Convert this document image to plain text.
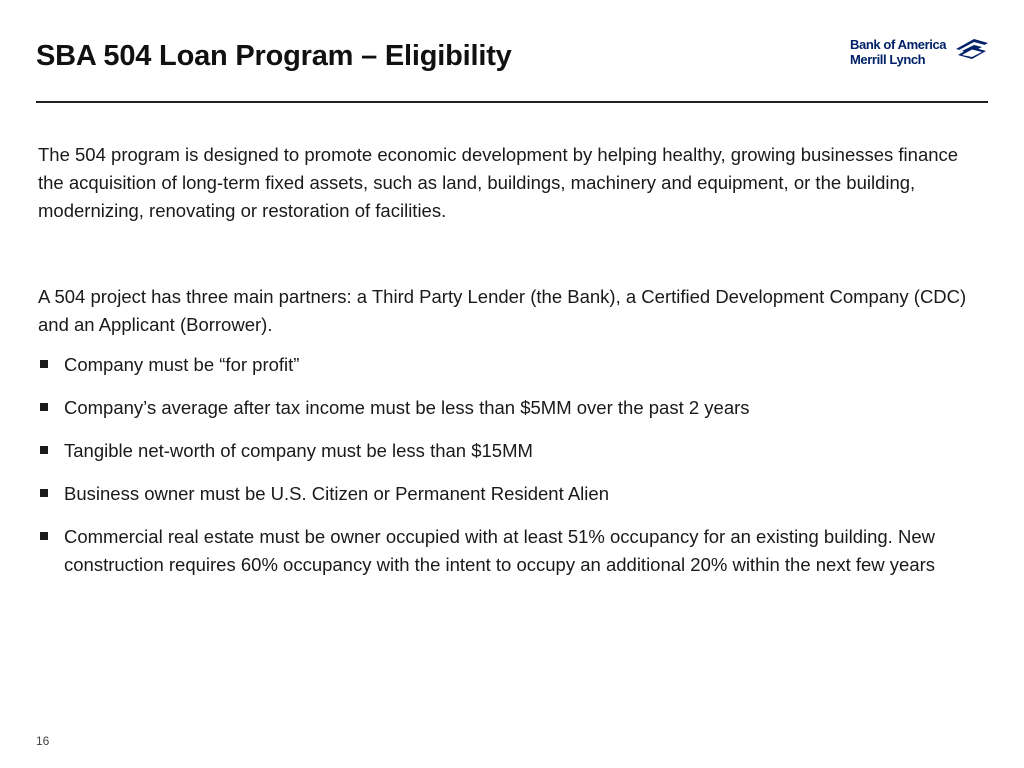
SBA 504 Loan Program – Eligibility	Bank of America
Merrill Lynch

The 504 program is designed to promote economic development by helping healthy, growing businesses finance the acquisition of long-term fixed assets, such as land, buildings, machinery and equipment, or the building, modernizing, renovating or restoration of facilities.

A 504 project has three main partners: a Third Party Lender (the Bank), a Certified Development Company (CDC) and an Applicant (Borrower).

Company must be “for profit”
Company’s average after tax income must be less than $5MM over the past 2 years
Tangible net-worth of company must be less than $15MM
Business owner must be U.S. Citizen or Permanent Resident Alien
Commercial real estate must be owner occupied with at least 51% occupancy for an existing building. New construction requires 60% occupancy with the intent to occupy an additional 20% within the next few years
16
